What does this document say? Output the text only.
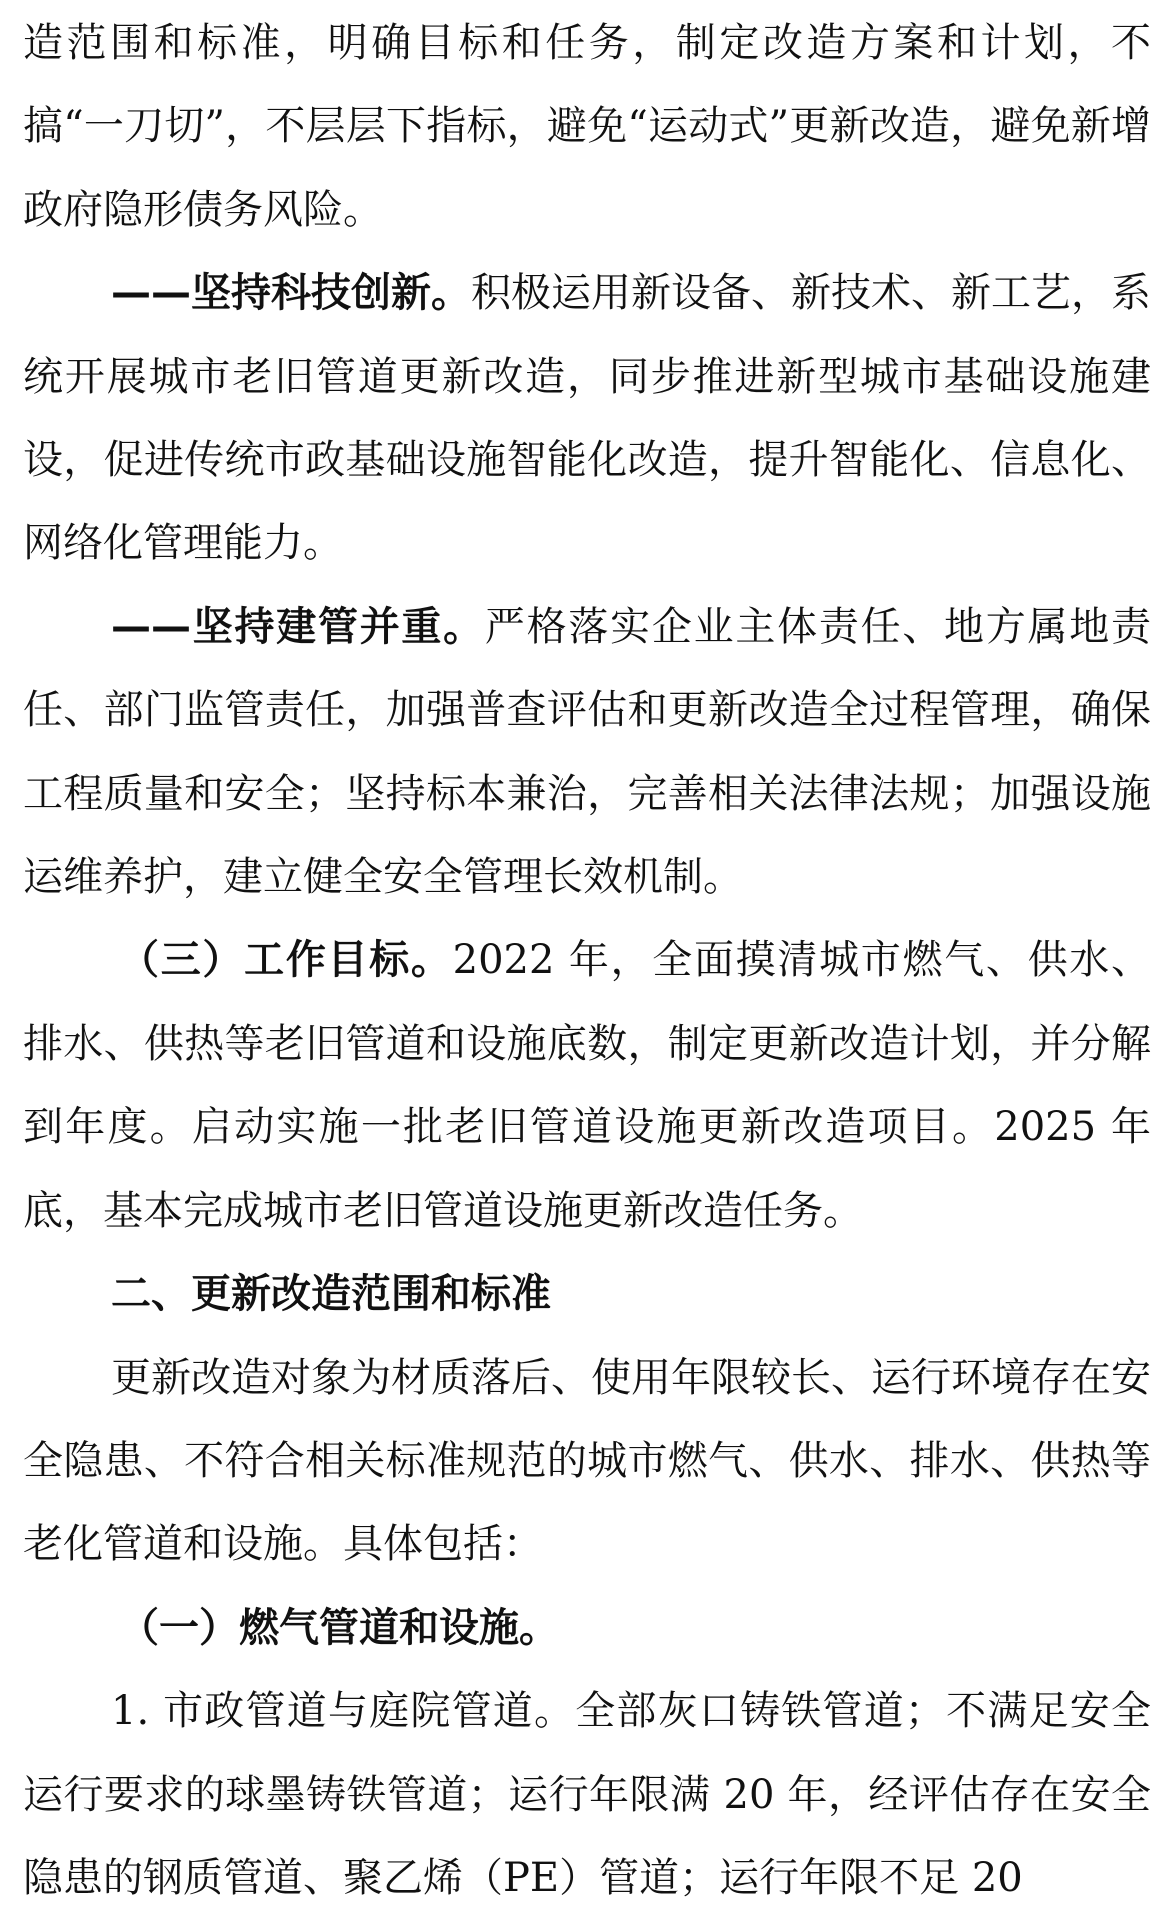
造范围和标准，明确目标和任务，制定改造方案和计划，不搞“一刀切”，不层层下指标，避免“运动式”更新改造，避免新增政府隐形债务风险。

——坚持科技创新。积极运用新设备、新技术、新工艺，系统开展城市老旧管道更新改造，同步推进新型城市基础设施建设，促进传统市政基础设施智能化改造，提升智能化、信息化、网络化管理能力。

——坚持建管并重。严格落实企业主体责任、地方属地责任、部门监管责任，加强普查评估和更新改造全过程管理，确保工程质量和安全；坚持标本兼治，完善相关法律法规；加强设施运维养护，建立健全安全管理长效机制。

（三）工作目标。2022 年，全面摸清城市燃气、供水、排水、供热等老旧管道和设施底数，制定更新改造计划，并分解到年度。启动实施一批老旧管道设施更新改造项目。2025 年底，基本完成城市老旧管道设施更新改造任务。

二、更新改造范围和标准

更新改造对象为材质落后、使用年限较长、运行环境存在安全隐患、不符合相关标准规范的城市燃气、供水、排水、供热等老化管道和设施。具体包括：

（一）燃气管道和设施。

1. 市政管道与庭院管道。全部灰口铸铁管道；不满足安全运行要求的球墨铸铁管道；运行年限满 20 年，经评估存在安全隐患的钢质管道、聚乙烯（PE）管道；运行年限不足 20
